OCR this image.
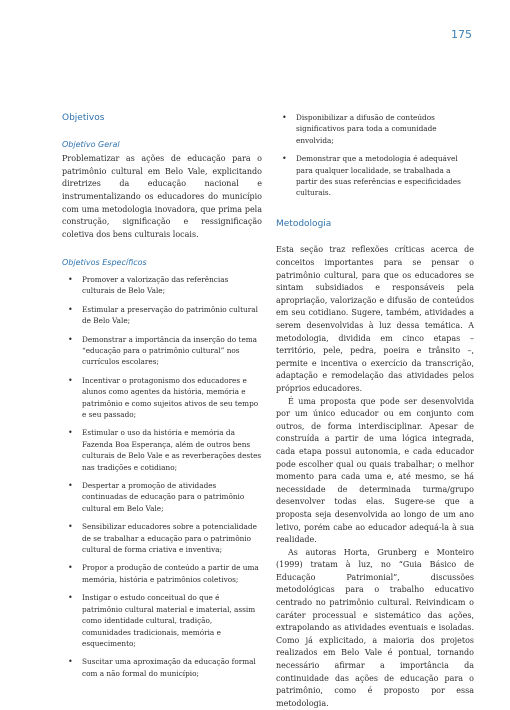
175
Objetivos
Objetivo Geral

Problematizar as ações de educação para o patrimônio cultural em Belo Vale, explicitando diretrizes da educação nacional e instrumentalizando os educadores do município com uma metodologia inovadora, que prima pela construção, significação e ressignificação coletiva dos bens culturais locais.

Objetivos Específicos
• Promover a valorização das referências culturais de Belo Vale;
• Estimular a preservação do patrimônio cultural de Belo Vale;
• Demonstrar a importância da inserção do tema “educação para o patrimônio cultural” nos currículos escolares;
• Incentivar o protagonismo dos educadores e alunos como agentes da história, memória e patrimônio e como sujeitos ativos de seu tempo e seu passado;
• Estimular o uso da história e memória da Fazenda Boa Esperança, além de outros bens culturais de Belo Vale e as reverberações destes nas tradições e cotidiano;
• Despertar a promoção de atividades continuadas de educação para o patrimônio cultural em Belo Vale;
• Sensibilizar educadores sobre a potencialidade de se trabalhar a educação para o patrimônio cultural de forma criativa e inventiva;
• Propor a produção de conteúdo a partir de uma memória, história e patrimônios coletivos;
• Instigar o estudo conceitual do que é patrimônio cultural material e imaterial, assim como identidade cultural, tradição, comunidades tradicionais, memória e esquecimento;
• Suscitar uma aproximação da educação formal com a não formal do município;
• Disponibilizar a difusão de conteúdos significativos para toda a comunidade envolvida;
• Demonstrar que a metodologia é adequável para qualquer localidade, se trabalhada a partir des suas referências e especificidades culturais.
Metodologia

Esta seção traz reflexões críticas acerca de conceitos importantes para se pensar o patrimônio cultural, para que os educadores se sintam subsidiados e responsáveis pela apropriação, valorização e difusão de conteúdos em seu cotidiano. Sugere, também, atividades a serem desenvolvidas à luz dessa temática. A metodologia, dividida em cinco etapas – território, pele, pedra, poeira e trânsito –, permite e incentiva o exercício da transcrição, adaptação e remodelação das atividades pelos próprios educadores.

É uma proposta que pode ser desenvolvida por um único educador ou em conjunto com outros, de forma interdisciplinar. Apesar de construída a partir de uma lógica integrada, cada etapa possui autonomia, e cada educador pode escolher qual ou quais trabalhar; o melhor momento para cada uma e, até mesmo, se há necessidade de determinada turma/grupo desenvolver todas elas. Sugere-se que a proposta seja desenvolvida ao longo de um ano letivo, porém cabe ao educador adequá-la à sua realidade.

As autoras Horta, Grunberg e Monteiro (1999) tratam à luz, no “Guia Básico de Educação Patrimonial”, discussões metodológicas para o trabalho educativo centrado no patrimônio cultural. Reivindicam o caráter processual e sistemático das ações, extrapolando as atividades eventuais e isoladas. Como já explicitado, a maioria dos projetos realizados em Belo Vale é pontual, tornando necessário afirmar a importância da continuidade das ações de educação para o patrimônio, como é proposto por essa metodologia.
